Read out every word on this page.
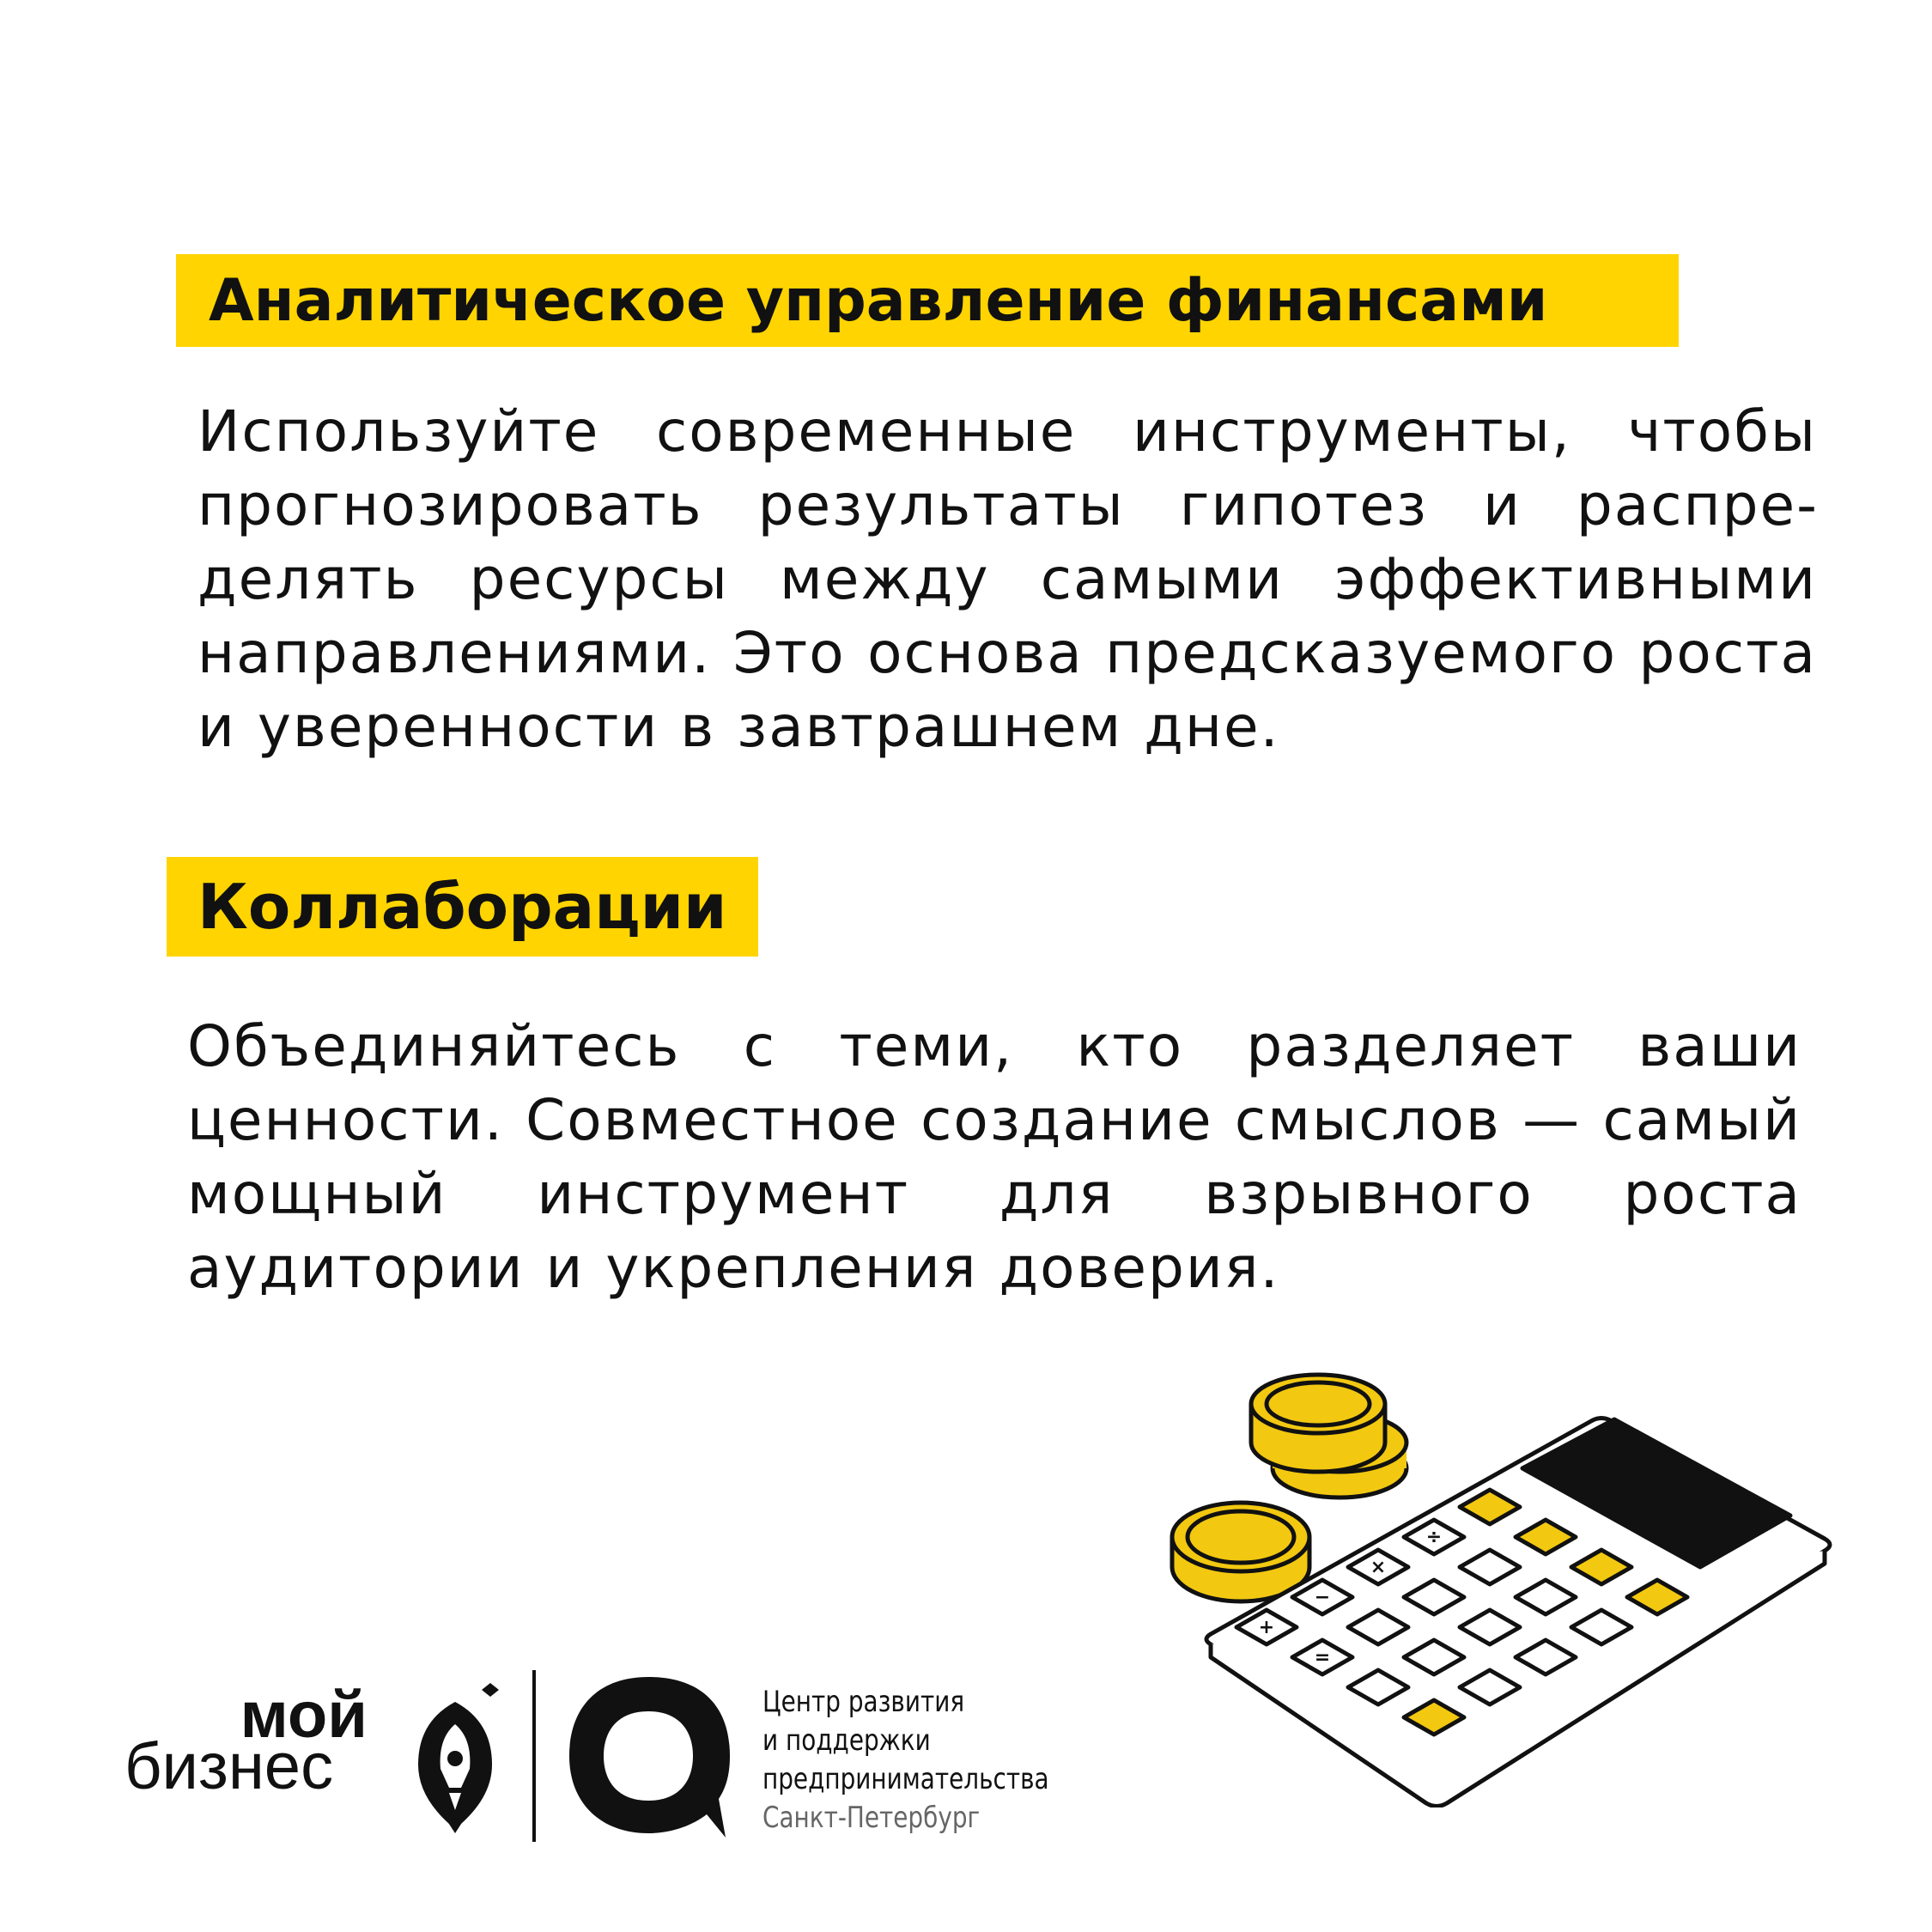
Аналитическое управление финансами
Используйте современные инструменты, чтобы прогнозировать результаты гипотез и распределять ресурсы между самыми эффективными направлениями. Это основа предсказуемого роста и уверенности в завтрашнем дне.
Коллаборации
Объединяйтесь с теми, кто разделяет ваши ценности. Совместное создание смыслов — самый мощный инструмент для взрывного роста аудитории и укрепления доверия.
÷
×
−
+
=
мой
бизнес
Центр развития
и поддержки
предпринимательства
Санкт-Петербург
